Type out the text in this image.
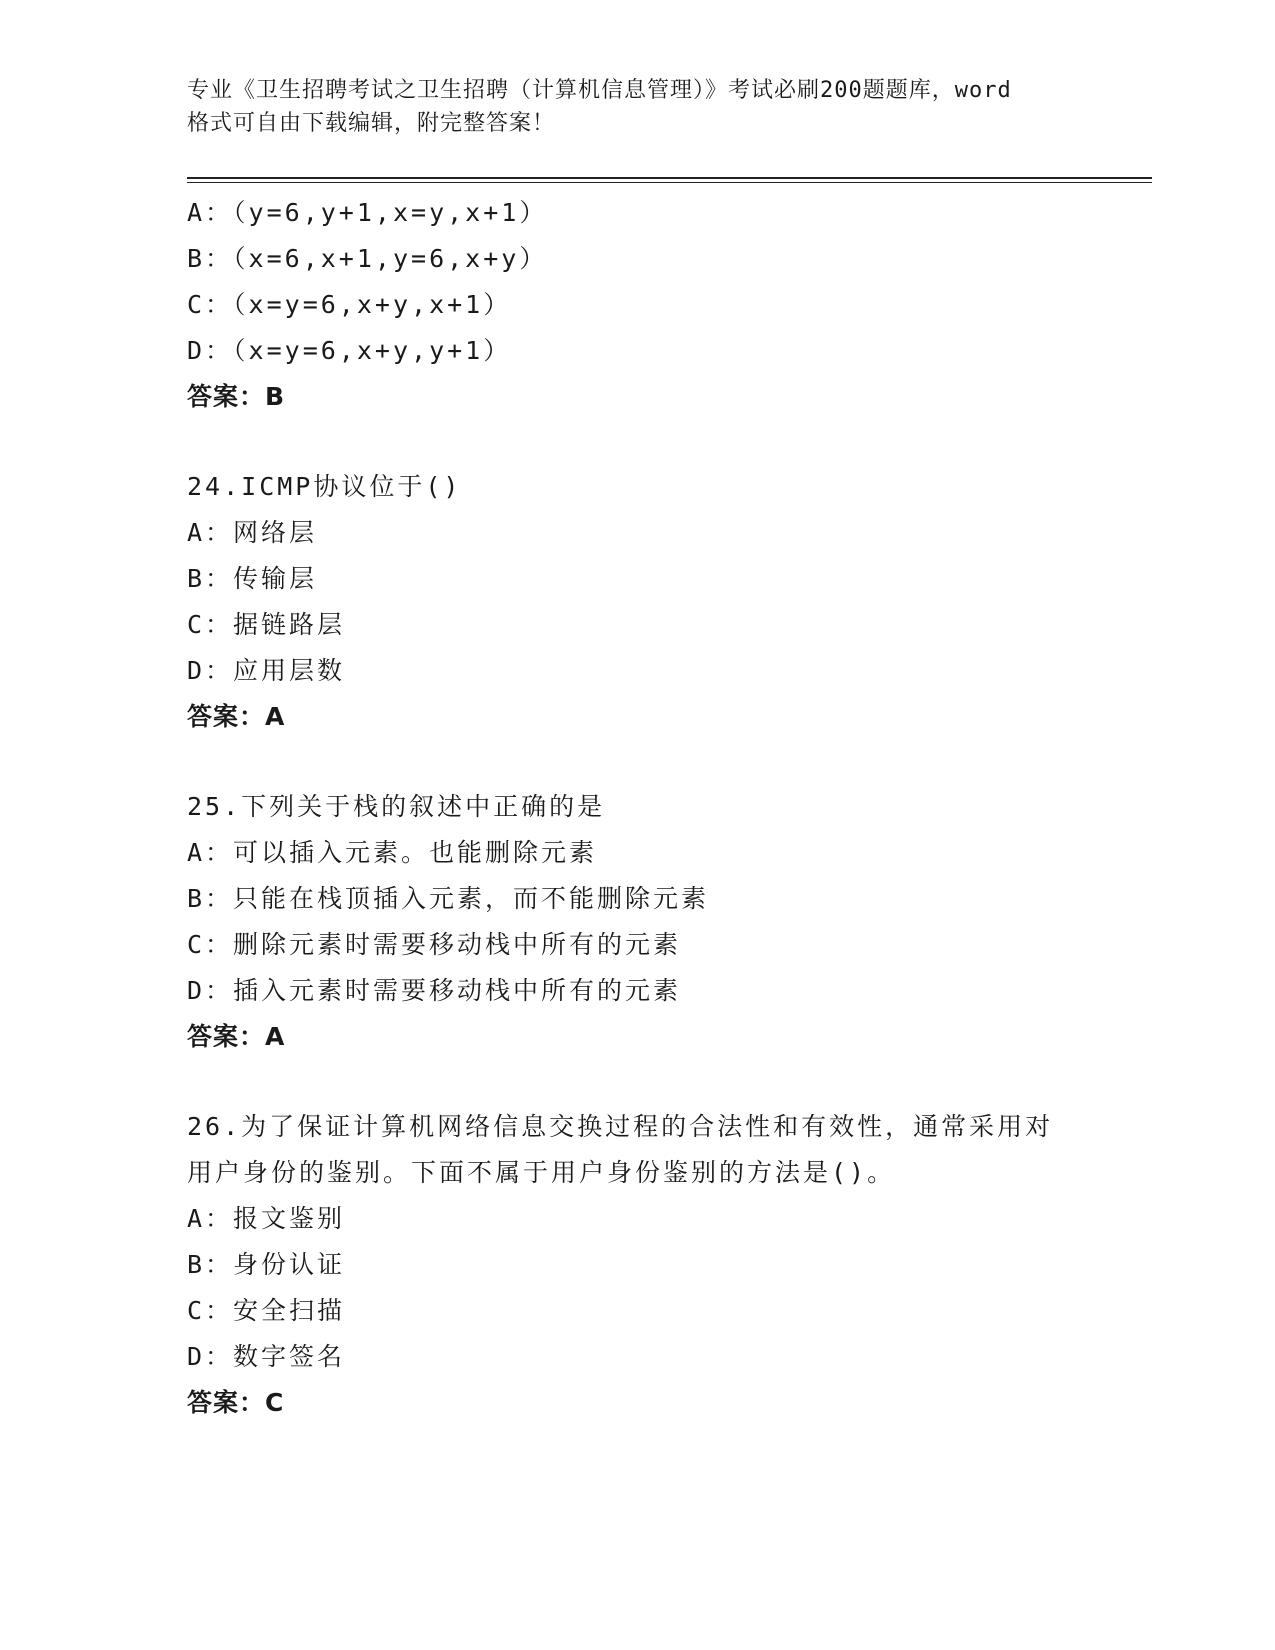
专业《卫生招聘考试之卫生招聘（计算机信息管理）》考试必刷200题题库，word
格式可自由下载编辑，附完整答案！
A：（y=6,y+1,x=y,x+1）
B：（x=6,x+1,y=6,x+y）
C：（x=y=6,x+y,x+1）
D：（x=y=6,x+y,y+1）
答案：B
24.ICMP协议位于()
A：网络层
B：传输层
C：据链路层
D：应用层数
答案：A
25.下列关于栈的叙述中正确的是
A：可以插入元素。也能删除元素
B：只能在栈顶插入元素，而不能删除元素
C：删除元素时需要移动栈中所有的元素
D：插入元素时需要移动栈中所有的元素
答案：A
26.为了保证计算机网络信息交换过程的合法性和有效性，通常采用对
用户身份的鉴别。下面不属于用户身份鉴别的方法是()。
A：报文鉴别
B：身份认证
C：安全扫描
D：数字签名
答案：C
